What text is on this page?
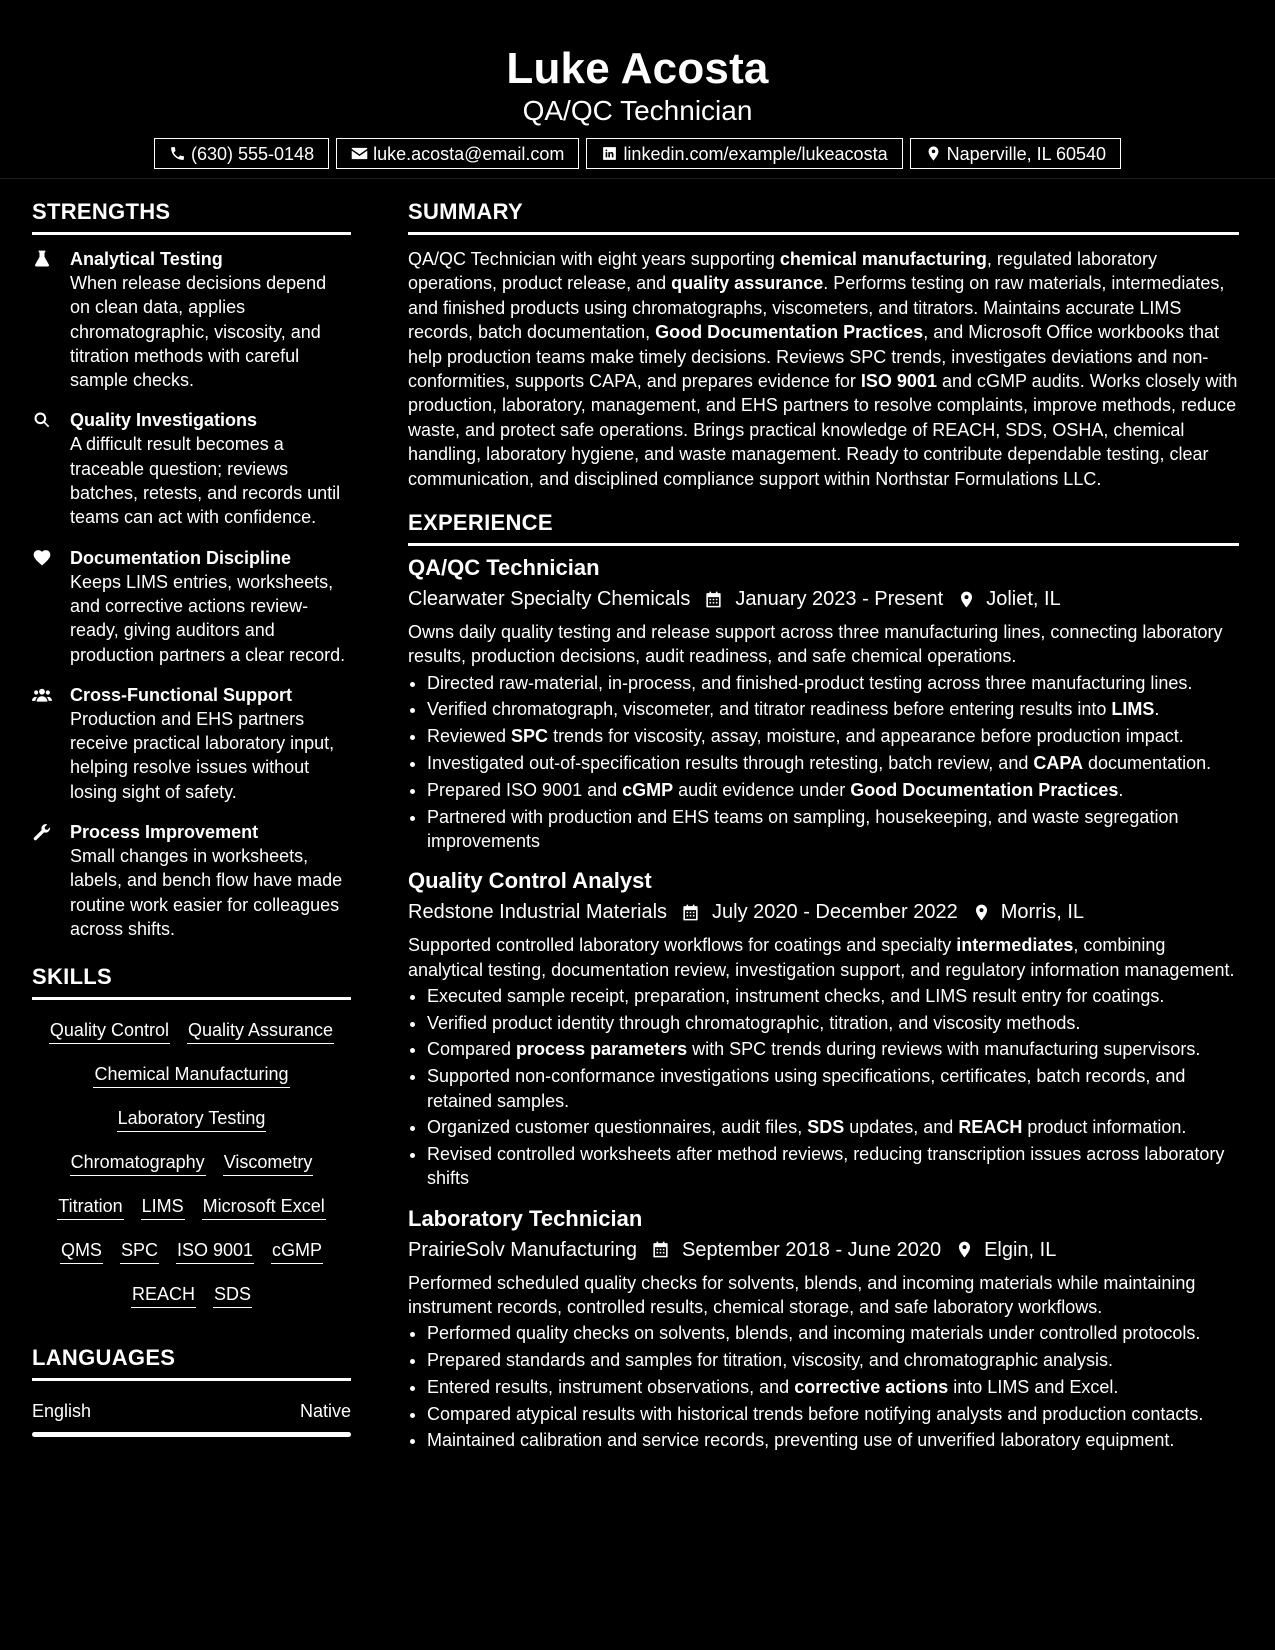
Luke Acosta
QA/QC Technician
(630) 555-0148	luke.acosta@email.com	linkedin.com/example/lukeacosta	Naperville, IL 60540
STRENGTHS
Analytical Testing
When release decisions depend on clean data, applies chromatographic, viscosity, and titration methods with careful sample checks.
Quality Investigations
A difficult result becomes a traceable question; reviews batches, retests, and records until teams can act with confidence.
Documentation Discipline
Keeps LIMS entries, worksheets, and corrective actions review-ready, giving auditors and production partners a clear record.
Cross-Functional Support
Production and EHS partners receive practical laboratory input, helping resolve issues without losing sight of safety.
Process Improvement
Small changes in worksheets, labels, and bench flow have made routine work easier for colleagues across shifts.
SKILLS
Quality Control Quality Assurance
Chemical Manufacturing
Laboratory Testing
Chromatography Viscometry
Titration LIMS Microsoft Excel
QMS SPC ISO 9001 cGMP
REACH SDS
LANGUAGES
English	Native
SUMMARY
QA/QC Technician with eight years supporting chemical manufacturing, regulated laboratory operations, product release, and quality assurance. Performs testing on raw materials, intermediates, and finished products using chromatographs, viscometers, and titrators. Maintains accurate LIMS records, batch documentation, Good Documentation Practices, and Microsoft Office workbooks that help production teams make timely decisions. Reviews SPC trends, investigates deviations and non-conformities, supports CAPA, and prepares evidence for ISO 9001 and cGMP audits. Works closely with production, laboratory, management, and EHS partners to resolve complaints, improve methods, reduce waste, and protect safe operations. Brings practical knowledge of REACH, SDS, OSHA, chemical handling, laboratory hygiene, and waste management. Ready to contribute dependable testing, clear communication, and disciplined compliance support within Northstar Formulations LLC.
EXPERIENCE
QA/QC Technician
Clearwater Specialty Chemicals January 2023 - Present Joliet, IL
Owns daily quality testing and release support across three manufacturing lines, connecting laboratory results, production decisions, audit readiness, and safe chemical operations.
• Directed raw-material, in-process, and finished-product testing across three manufacturing lines.
• Verified chromatograph, viscometer, and titrator readiness before entering results into LIMS.
• Reviewed SPC trends for viscosity, assay, moisture, and appearance before production impact.
• Investigated out-of-specification results through retesting, batch review, and CAPA documentation.
• Prepared ISO 9001 and cGMP audit evidence under Good Documentation Practices.
• Partnered with production and EHS teams on sampling, housekeeping, and waste segregation improvements
Quality Control Analyst
Redstone Industrial Materials July 2020 - December 2022 Morris, IL
Supported controlled laboratory workflows for coatings and specialty intermediates, combining analytical testing, documentation review, investigation support, and regulatory information management.
• Executed sample receipt, preparation, instrument checks, and LIMS result entry for coatings.
• Verified product identity through chromatographic, titration, and viscosity methods.
• Compared process parameters with SPC trends during reviews with manufacturing supervisors.
• Supported non-conformance investigations using specifications, certificates, batch records, and retained samples.
• Organized customer questionnaires, audit files, SDS updates, and REACH product information.
• Revised controlled worksheets after method reviews, reducing transcription issues across laboratory shifts
Laboratory Technician
PrairieSolv Manufacturing September 2018 - June 2020 Elgin, IL
Performed scheduled quality checks for solvents, blends, and incoming materials while maintaining instrument records, controlled results, chemical storage, and safe laboratory workflows.
• Performed quality checks on solvents, blends, and incoming materials under controlled protocols.
• Prepared standards and samples for titration, viscosity, and chromatographic analysis.
• Entered results, instrument observations, and corrective actions into LIMS and Excel.
• Compared atypical results with historical trends before notifying analysts and production contacts.
• Maintained calibration and service records, preventing use of unverified laboratory equipment.
